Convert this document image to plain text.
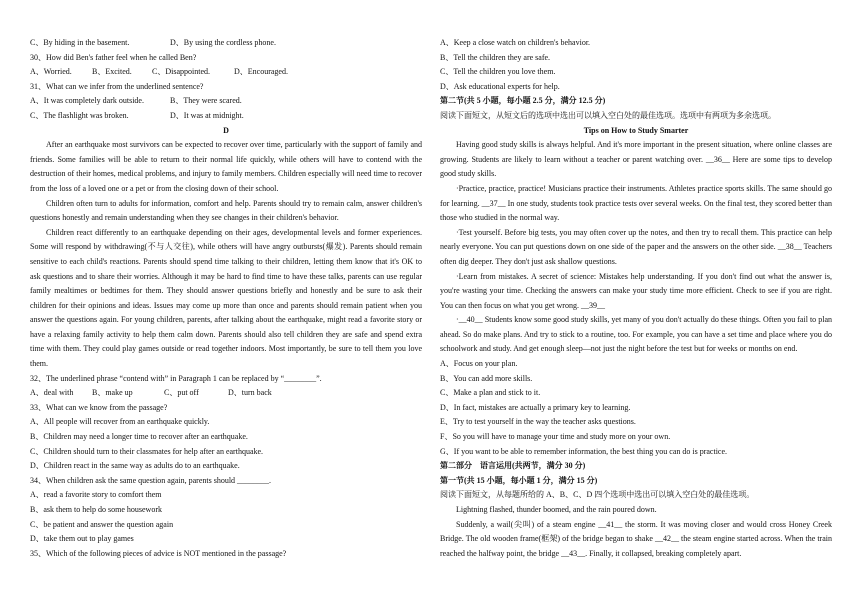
C、By hiding in the basement.	D、By using the cordless phone.
30、How did Ben's father feel when he called Ben?
A、Worried.	B、Excited.	C、Disappointed.	D、Encouraged.
31、What can we infer from the underlined sentence?
A、It was completely dark outside.	B、They were scared.
C、The flashlight was broken.	D、It was at midnight.
D
After an earthquake most survivors can be expected to recover over time, particularly with the support of family and friends. Some families will be able to return to their normal life quickly, while others will have to contend with the destruction of their homes, medical problems, and injury to family members. Children especially will need time to recover from the loss of a loved one or a pet or from the closing down of their school.
Children often turn to adults for information, comfort and help. Parents should try to remain calm, answer children's questions honestly and remain understanding when they see changes in their children's behavior.
Children react differently to an earthquake depending on their ages, developmental levels and former experiences. Some will respond by withdrawing(不与人交往), while others will have angry outbursts(爆发). Parents should remain sensitive to each child's reactions. Parents should spend time talking to their children, letting them know that it's OK to ask questions and to share their worries. Although it may be hard to find time to have these talks, parents can use regular family mealtimes or bedtimes for them. They should answer questions briefly and honestly and be sure to ask their children for their opinions and ideas. Issues may come up more than once and parents should remain patient when you answer the questions again. For young children, parents, after talking about the earthquake, might read a favorite story or have a relaxing family activity to help them calm down. Parents should also tell children they are safe and spend extra time with them. They could play games outside or read together indoors. Most importantly, be sure to tell them you love them.
32、The underlined phrase “contend with” in Paragraph 1 can be replaced by “________”.
A、deal with	B、make up	C、put off	D、turn back
33、What can we know from the passage?
A、All people will recover from an earthquake quickly.
B、Children may need a longer time to recover after an earthquake.
C、Children should turn to their classmates for help after an earthquake.
D、Children react in the same way as adults do to an earthquake.
34、When children ask the same question again, parents should ________.
A、read a favorite story to comfort them
B、ask them to help do some housework
C、be patient and answer the question again
D、take them out to play games
35、Which of the following pieces of advice is NOT mentioned in the passage?
A、Keep a close watch on children's behavior.
B、Tell the children they are safe.
C、Tell the children you love them.
D、Ask educational experts for help.
第二节(共 5 小题，每小题 2.5 分，满分 12.5 分)
阅读下面短文，从短文后的选项中选出可以填入空白处的最佳选项。选项中有两项为多余选项。
Tips on How to Study Smarter
Having good study skills is always helpful. And it's more important in the present situation, where online classes are growing. Students are likely to learn without a teacher or parent watching over. __36__ Here are some tips to develop good study skills.
·Practice, practice, practice! Musicians practice their instruments. Athletes practice sports skills. The same should go for learning. __37__ In one study, students took practice tests over several weeks. On the final test, they scored better than those who studied in the normal way.
·Test yourself. Before big tests, you may often cover up the notes, and then try to recall them. This practice can help nearly everyone. You can put questions down on one side of the paper and the answers on the other side. __38__ Teachers often dig deeper. They don't just ask shallow questions.
·Learn from mistakes. A secret of science: Mistakes help understanding. If you don't find out what the answer is, you're wasting your time. Checking the answers can make your study time more efficient. Check to see if you are right. You can then focus on what you get wrong. __39__
·__40__ Students know some good study skills, yet many of you don't actually do these things. Often you fail to plan ahead. So do make plans. And try to stick to a routine, too. For example, you can have a set time and place where you do schoolwork and study. And get enough sleep—not just the night before the test but for weeks or months on end.
A、Focus on your plan.
B、You can add more skills.
C、Make a plan and stick to it.
D、In fact, mistakes are actually a primary key to learning.
E、Try to test yourself in the way the teacher asks questions.
F、So you will have to manage your time and study more on your own.
G、If you want to be able to remember information, the best thing you can do is practice.
第二部分　语言运用(共两节，满分 30 分)
第一节(共 15 小题，每小题 1 分，满分 15 分)
阅读下面短文，从每题所给的 A、B、C、D 四个选项中选出可以填入空白处的最佳选项。
Lightning flashed, thunder boomed, and the rain poured down.
Suddenly, a wail(尖叫) of a steam engine __41__ the storm. It was moving closer and would cross Honey Creek Bridge. The old wooden frame(框架) of the bridge began to shake __42__ the steam engine started across. When the train reached the halfway point, the bridge __43__. Finally, it collapsed, breaking completely apart.
